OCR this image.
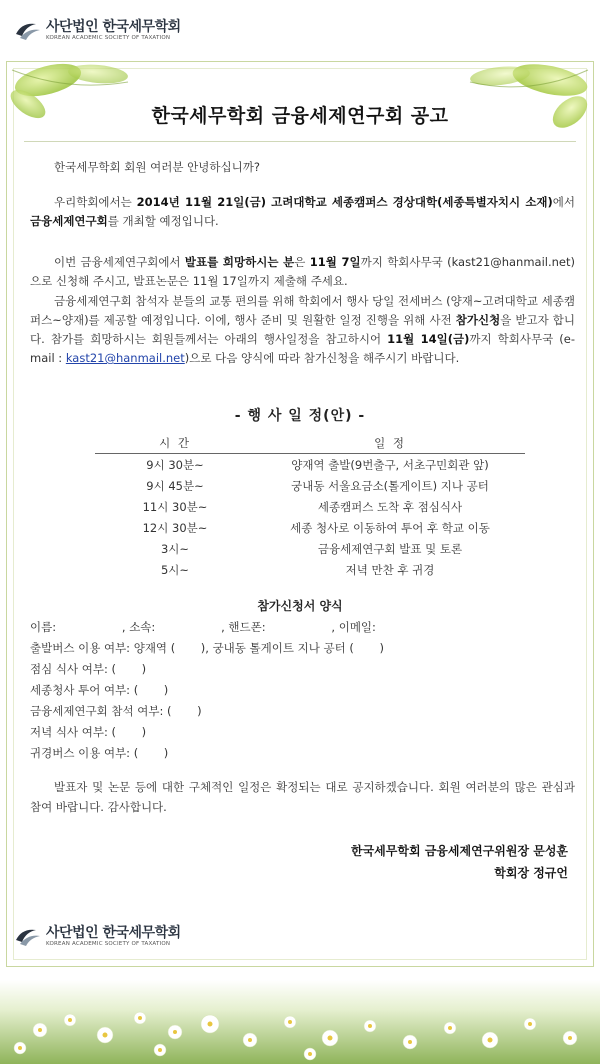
사단법인 한국세무학회
KOREAN ACADEMIC SOCIETY OF TAXATION
한국세무학회 금융세제연구회 공고

한국세무학회 회원 여러분 안녕하십니까?

우리학회에서는 2014년 11월 21일(금) 고려대학교 세종캠퍼스 경상대학(세종특별자치시 소재)에서 금융세제연구회를 개최할 예정입니다.

이번 금융세제연구회에서 발표를 희망하시는 분은 11월 7일까지 학회사무국 (kast21@hanmail.net)으로 신청해 주시고, 발표논문은 11월 17일까지 제출해 주세요.

금융세제연구회 참석자 분들의 교통 편의를 위해 학회에서 행사 당일 전세버스 (양재~고려대학교 세종캠퍼스~양재)를 제공할 예정입니다. 이에, 행사 준비 및 원활한 일정 진행을 위해 사전 참가신청을 받고자 합니다. 참가를 희망하시는 회원들께서는 아래의 행사일정을 참고하시어 11월 14일(금)까지 학회사무국 (e-mail : kast21@hanmail.net)으로 다음 양식에 따라 참가신청을 해주시기 바랍니다.

- 행 사 일 정(안) -
시 간	일 정
9시 30분~	양재역 출발(9번출구, 서초구민회관 앞)
9시 45분~	궁내동 서울요금소(톨게이트) 지나 공터
11시 30분~	세종캠퍼스 도착 후 점심식사
12시 30분~	세종 청사로 이동하여 투어 후 학교 이동
3시~	금융세제연구회 발표 및 토론
5시~	저녁 만찬 후 귀경
참가신청서 양식
이름:                  , 소속:                  , 핸드폰:                  , 이메일:
출발버스 이용 여부: 양재역 (       ), 궁내동 톨게이트 지나 공터 (       )
점심 식사 여부: (       )
세종청사 투어 여부: (       )
금융세제연구회 참석 여부: (       )
저녁 식사 여부: (       )
귀경버스 이용 여부: (       )
발표자 및 논문 등에 대한 구체적인 일정은 확정되는 대로 공지하겠습니다. 회원 여러분의 많은 관심과 참여 바랍니다. 감사합니다.
한국세무학회 금융세제연구위원장 문성훈
학회장 정규언
사단법인 한국세무학회
KOREAN ACADEMIC SOCIETY OF TAXATION
